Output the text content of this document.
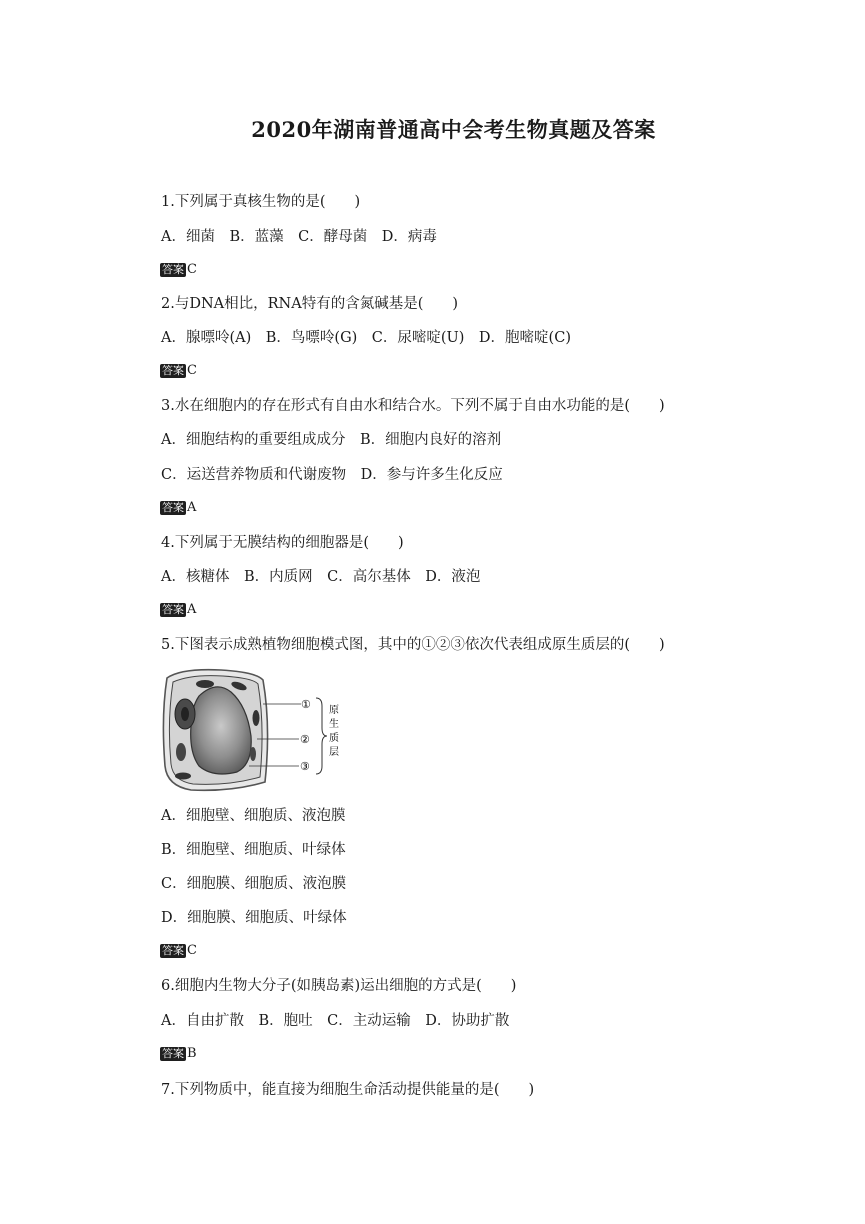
2020年湖南普通高中会考生物真题及答案
1.下列属于真核生物的是(　　)
A．细菌　B．蓝藻　C．酵母菌　D．病毒
答案 C
2.与DNA相比，RNA特有的含氮碱基是(　　)
A．腺嘌呤(A)　B．鸟嘌呤(G)　C．尿嘧啶(U)　D．胞嘧啶(C)
答案 C
3.水在细胞内的存在形式有自由水和结合水。下列不属于自由水功能的是(　　)
A．细胞结构的重要组成成分　B．细胞内良好的溶剂
C．运送营养物质和代谢废物　D．参与许多生化反应
答案 A
4.下列属于无膜结构的细胞器是(　　)
A．核糖体　B．内质网　C．高尔基体　D．液泡
答案 A
5.下图表示成熟植物细胞模式图，其中的①②③依次代表组成原生质层的(　　)
①
②
③
原
生
质
层
A．细胞壁、细胞质、液泡膜
B．细胞壁、细胞质、叶绿体
C．细胞膜、细胞质、液泡膜
D．细胞膜、细胞质、叶绿体
答案 C
6.细胞内生物大分子(如胰岛素)运出细胞的方式是(　　)
A．自由扩散　B．胞吐　C．主动运输　D．协助扩散
答案 B
7.下列物质中，能直接为细胞生命活动提供能量的是(　　)
